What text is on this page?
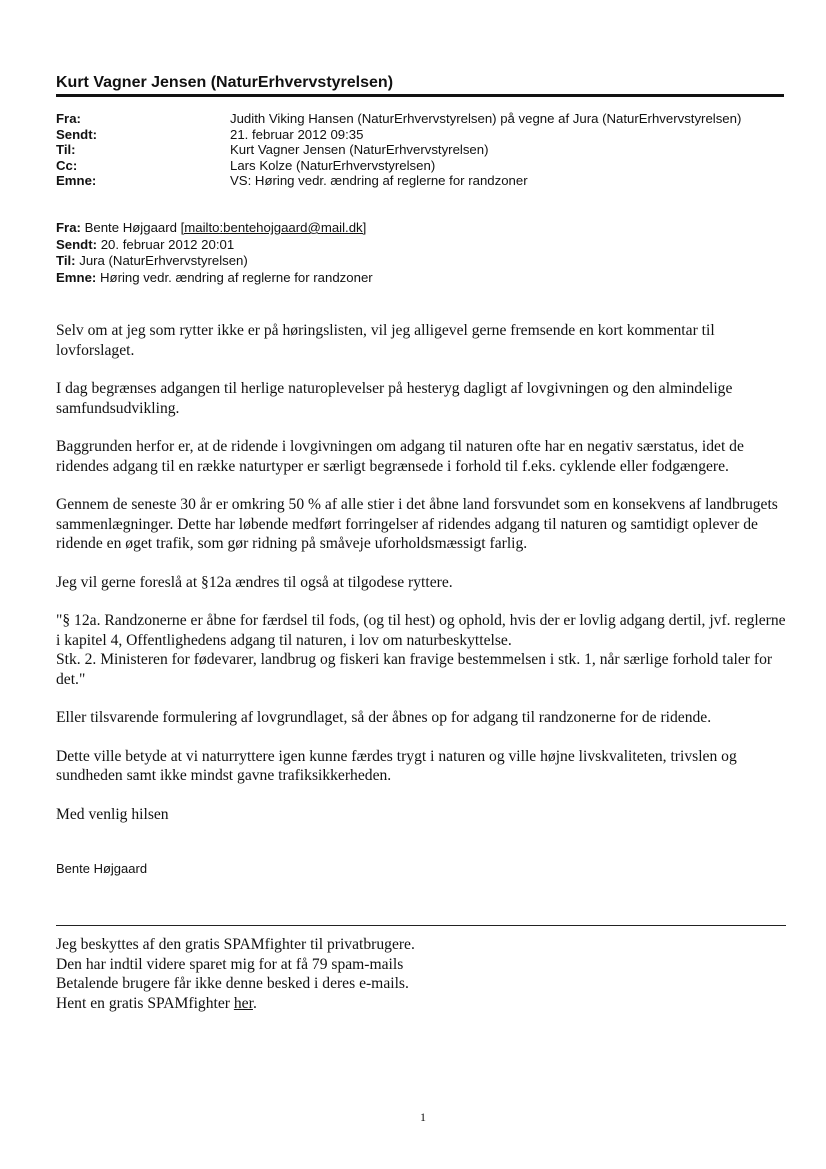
Kurt Vagner Jensen (NaturErhvervstyrelsen)
Fra:	Judith Viking Hansen (NaturErhvervstyrelsen) på vegne af Jura (NaturErhvervstyrelsen)
Sendt:	21. februar 2012 09:35
Til:	Kurt Vagner Jensen (NaturErhvervstyrelsen)
Cc:	Lars Kolze (NaturErhvervstyrelsen)
Emne:	VS: Høring vedr. ændring af reglerne for randzoner
Fra: Bente Højgaard [mailto:bentehojgaard@mail.dk]
Sendt: 20. februar 2012 20:01
Til: Jura (NaturErhvervstyrelsen)
Emne: Høring vedr. ændring af reglerne for randzoner

Selv om at jeg som rytter ikke er på høringslisten, vil jeg alligevel gerne fremsende en kort kommentar til lovforslaget.

I dag begrænses adgangen til herlige naturoplevelser på hesteryg dagligt af lovgivningen og den almindelige samfundsudvikling.

Baggrunden herfor er, at de ridende i lovgivningen om adgang til naturen ofte har en negativ særstatus, idet de ridendes adgang til en række naturtyper er særligt begrænsede i forhold til f.eks. cyklende eller fodgængere.

Gennem de seneste 30 år er omkring 50 % af alle stier i det åbne land forsvundet som en konsekvens af landbrugets sammenlægninger. Dette har løbende medført forringelser af ridendes adgang til naturen og samtidigt oplever de ridende en øget trafik, som gør ridning på småveje uforholdsmæssigt farlig.

Jeg vil gerne foreslå at §12a ændres til også at tilgodese ryttere.

"§ 12a. Randzonerne er åbne for færdsel til fods, (og til hest) og ophold, hvis der er lovlig adgang dertil, jvf. reglerne i kapitel 4, Offentlighedens adgang til naturen, i lov om naturbeskyttelse.

Stk. 2. Ministeren for fødevarer, landbrug og fiskeri kan fravige bestemmelsen i stk. 1, når særlige forhold taler for det."

Eller tilsvarende formulering af lovgrundlaget, så der åbnes op for adgang til randzonerne for de ridende.

Dette ville betyde at vi naturryttere igen kunne færdes trygt i naturen og ville højne livskvaliteten, trivslen og sundheden samt ikke mindst gavne trafiksikkerheden.

Med venlig hilsen

Bente Højgaard
Jeg beskyttes af den gratis SPAMfighter til privatbrugere.
Den har indtil videre sparet mig for at få 79 spam-mails
Betalende brugere får ikke denne besked i deres e-mails.
Hent en gratis SPAMfighter her.
1
